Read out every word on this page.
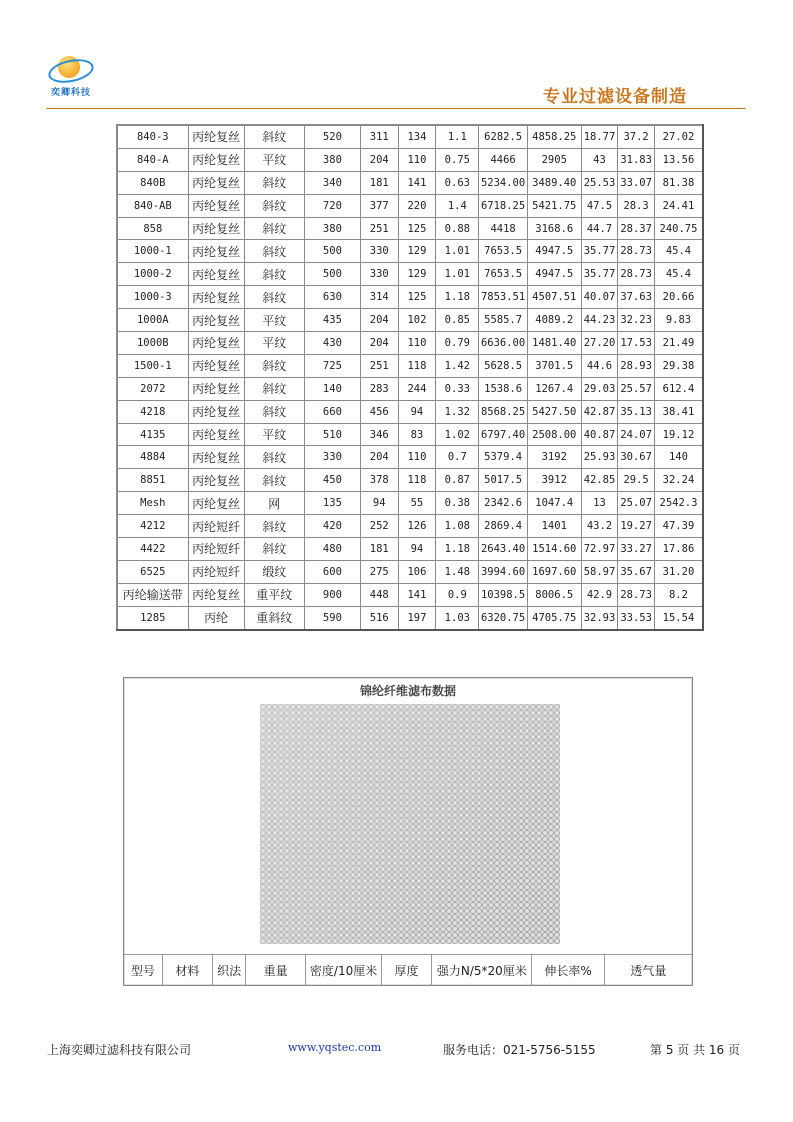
奕卿科技	专业过滤设备制造
840-3	丙纶复丝	斜纹	520	311	134	1.1	6282.5	4858.25	18.77	37.2	27.02
840-A	丙纶复丝	平纹	380	204	110	0.75	4466	2905	43	31.83	13.56
840B	丙纶复丝	斜纹	340	181	141	0.63	5234.00	3489.40	25.53	33.07	81.38
840-AB	丙纶复丝	斜纹	720	377	220	1.4	6718.25	5421.75	47.5	28.3	24.41
858	丙纶复丝	斜纹	380	251	125	0.88	4418	3168.6	44.7	28.37	240.75
1000-1	丙纶复丝	斜纹	500	330	129	1.01	7653.5	4947.5	35.77	28.73	45.4
1000-2	丙纶复丝	斜纹	500	330	129	1.01	7653.5	4947.5	35.77	28.73	45.4
1000-3	丙纶复丝	斜纹	630	314	125	1.18	7853.51	4507.51	40.07	37.63	20.66
1000A	丙纶复丝	平纹	435	204	102	0.85	5585.7	4089.2	44.23	32.23	9.83
1000B	丙纶复丝	平纹	430	204	110	0.79	6636.00	1481.40	27.20	17.53	21.49
1500-1	丙纶复丝	斜纹	725	251	118	1.42	5628.5	3701.5	44.6	28.93	29.38
2072	丙纶复丝	斜纹	140	283	244	0.33	1538.6	1267.4	29.03	25.57	612.4
4218	丙纶复丝	斜纹	660	456	94	1.32	8568.25	5427.50	42.87	35.13	38.41
4135	丙纶复丝	平纹	510	346	83	1.02	6797.40	2508.00	40.87	24.07	19.12
4884	丙纶复丝	斜纹	330	204	110	0.7	5379.4	3192	25.93	30.67	140
8851	丙纶复丝	斜纹	450	378	118	0.87	5017.5	3912	42.85	29.5	32.24
Mesh	丙纶复丝	网	135	94	55	0.38	2342.6	1047.4	13	25.07	2542.3
4212	丙纶短纤	斜纹	420	252	126	1.08	2869.4	1401	43.2	19.27	47.39
4422	丙纶短纤	斜纹	480	181	94	1.18	2643.40	1514.60	72.97	33.27	17.86
6525	丙纶短纤	缎纹	600	275	106	1.48	3994.60	1697.60	58.97	35.67	31.20
丙纶输送带	丙纶复丝	重平纹	900	448	141	0.9	10398.5	8006.5	42.9	28.73	8.2
1285	丙纶	重斜纹	590	516	197	1.03	6320.75	4705.75	32.93	33.53	15.54
锦纶纤维滤布数据
型号	材料	织法	重量	密度/10厘米	厚度	强力N/5*20厘米	伸长率%	透气量
上海奕卿过滤科技有限公司	www.yqstec.com	服务电话：021-5756-5155	第 5 页 共 16 页
